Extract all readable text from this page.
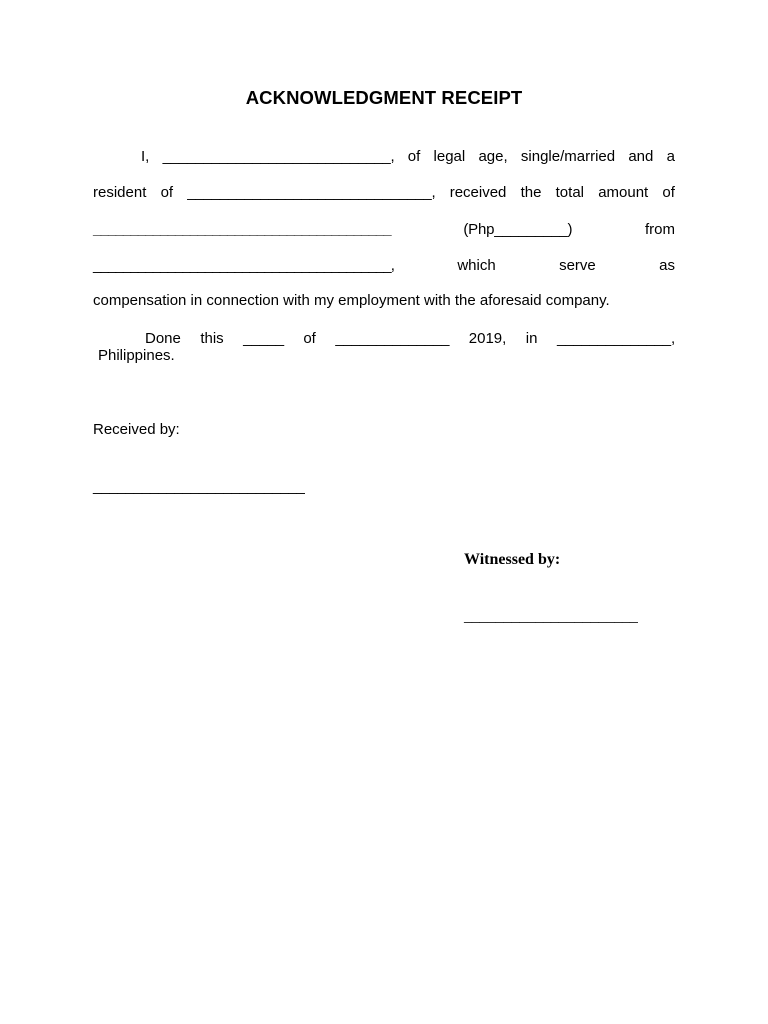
ACKNOWLEDGMENT RECEIPT
I, ____________________________, of legal age, single/married and a
resident of ______________________________, received the total amount of
________________________________________	(Php_________)	from
________________________________________,	which	serve	as
compensation in connection with my employment with the aforesaid company.
Done this _____ of ______________ 2019, in ______________,
Philippines.
Received by:
__________________________
Witnessed by:
______________________
